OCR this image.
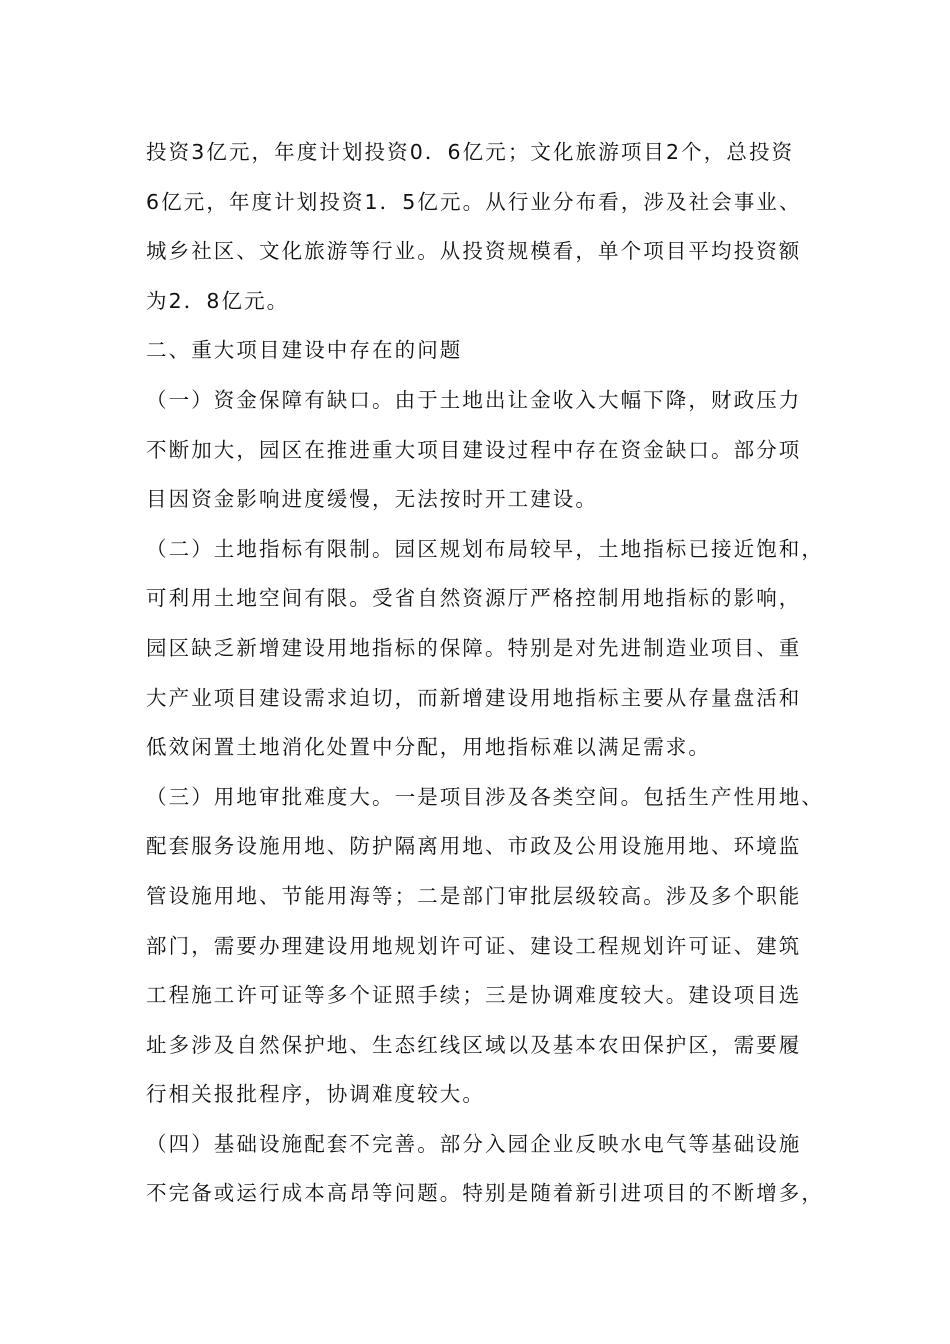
投资3亿元，年度计划投资0．6亿元；文化旅游项目2个，总投资
6亿元，年度计划投资1．5亿元。从行业分布看，涉及社会事业、
城乡社区、文化旅游等行业。从投资规模看，单个项目平均投资额
为2．8亿元。
二、重大项目建设中存在的问题
（一）资金保障有缺口。由于土地出让金收入大幅下降，财政压力
不断加大，园区在推进重大项目建设过程中存在资金缺口。部分项
目因资金影响进度缓慢，无法按时开工建设。
（二）土地指标有限制。园区规划布局较早，土地指标已接近饱和，
可利用土地空间有限。受省自然资源厅严格控制用地指标的影响，
园区缺乏新增建设用地指标的保障。特别是对先进制造业项目、重
大产业项目建设需求迫切，而新增建设用地指标主要从存量盘活和
低效闲置土地消化处置中分配，用地指标难以满足需求。
（三）用地审批难度大。一是项目涉及各类空间。包括生产性用地、
配套服务设施用地、防护隔离用地、市政及公用设施用地、环境监
管设施用地、节能用海等；二是部门审批层级较高。涉及多个职能
部门，需要办理建设用地规划许可证、建设工程规划许可证、建筑
工程施工许可证等多个证照手续；三是协调难度较大。建设项目选
址多涉及自然保护地、生态红线区域以及基本农田保护区，需要履
行相关报批程序，协调难度较大。
（四）基础设施配套不完善。部分入园企业反映水电气等基础设施
不完备或运行成本高昂等问题。特别是随着新引进项目的不断增多，
